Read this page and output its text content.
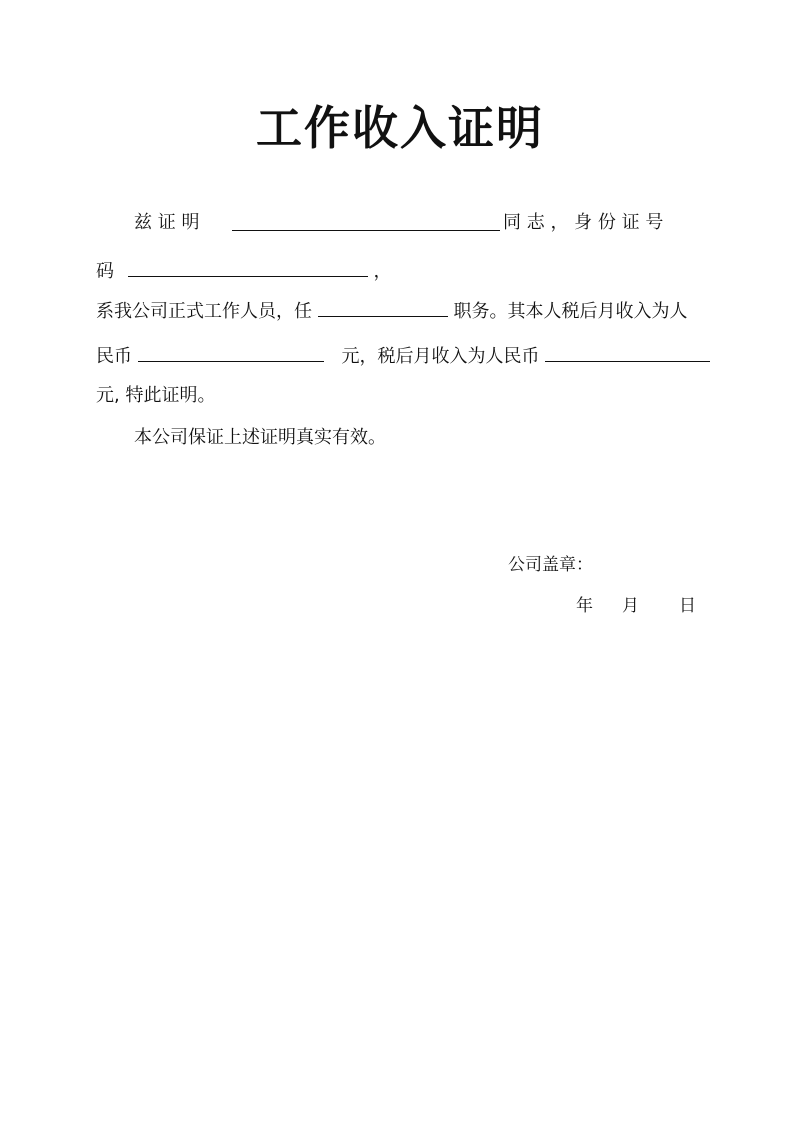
工作收入证明
兹 证 明	同 志 ， 身 份 证 号
码	，
系我公司正式工作人员，任	职务。其本人税后月收入为人
民币	元，税后月收入为人民币
元, 特此证明。
本公司保证上述证明真实有效。
公司盖章：
年 月 日
